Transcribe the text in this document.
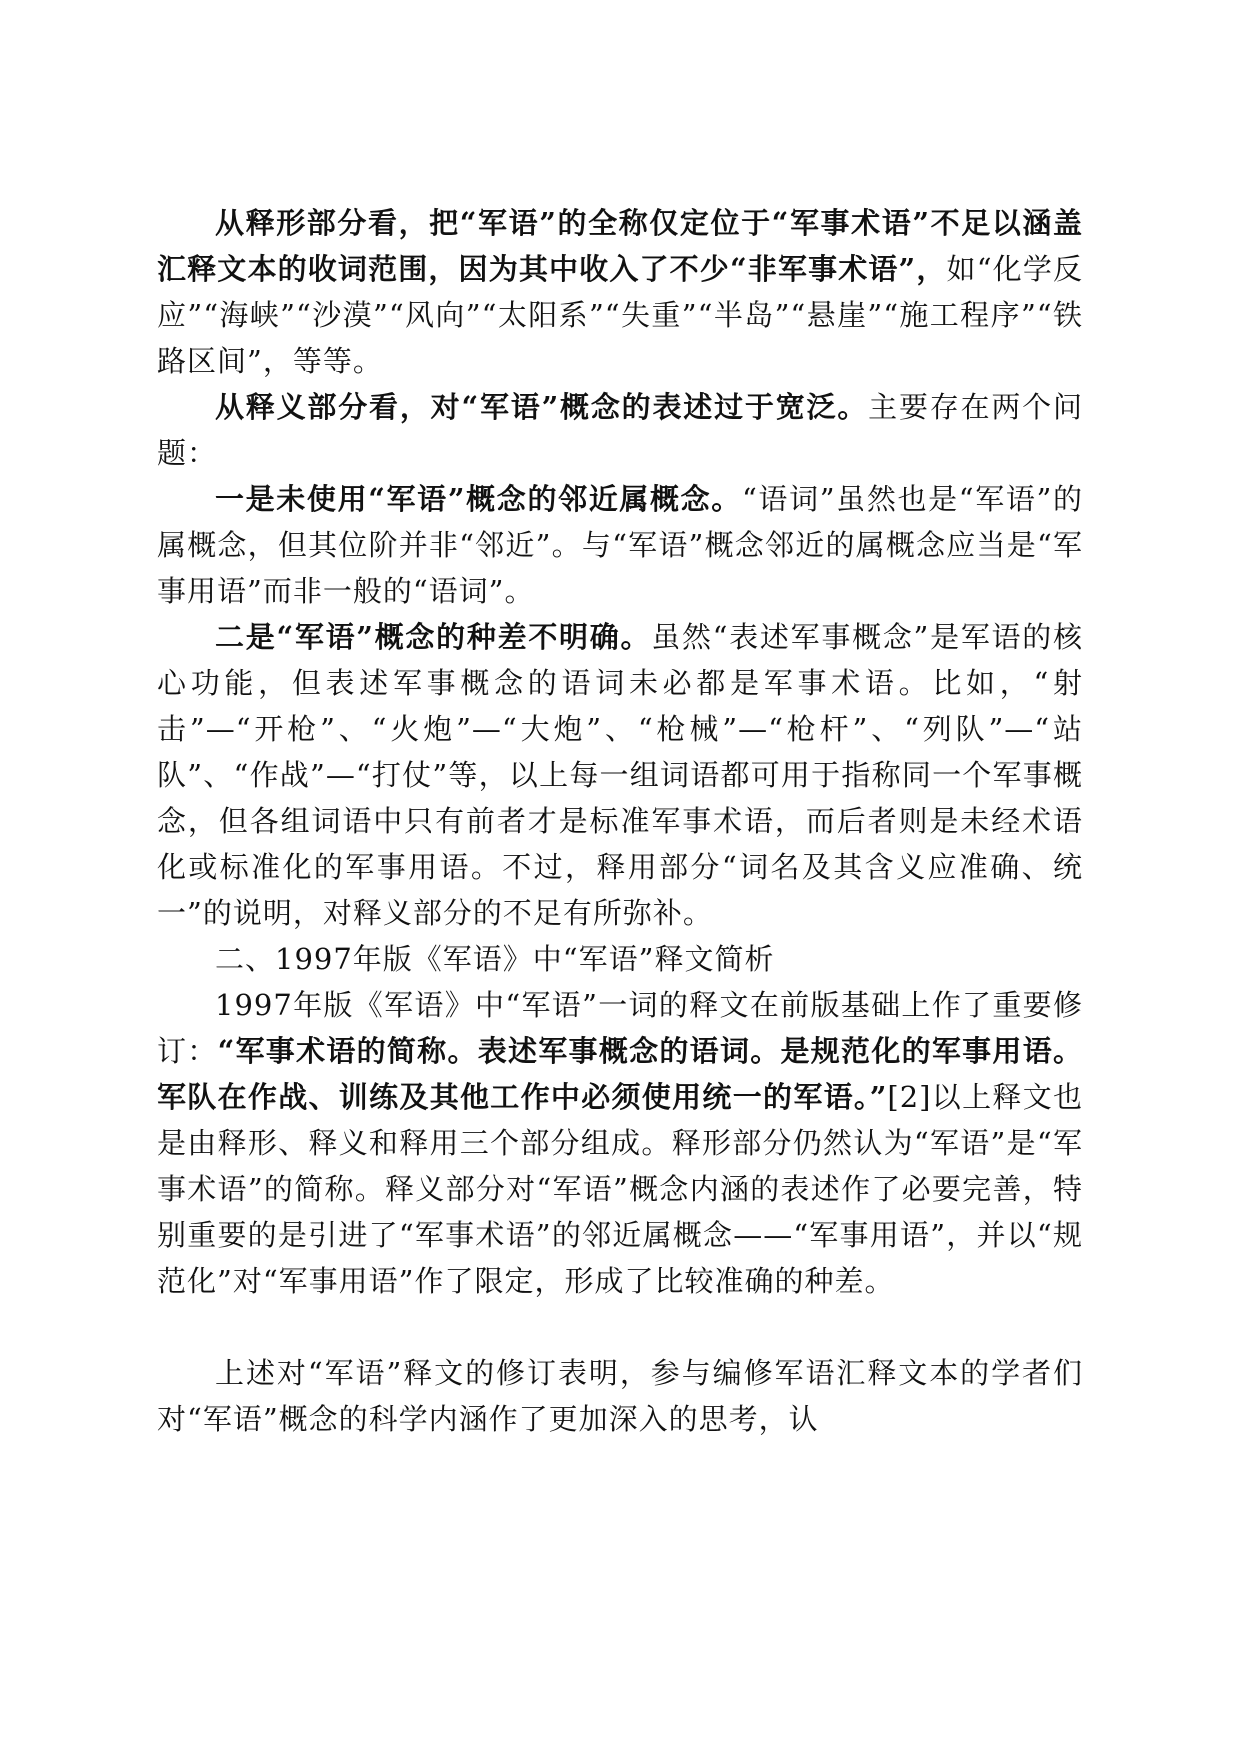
从释形部分看，把“军语”的全称仅定位于“军事术语”不足以涵盖汇释文本的收词范围，因为其中收入了不少“非军事术语”，如“化学反应”“海峡”“沙漠”“风向”“太阳系”“失重”“半岛”“悬崖”“施工程序”“铁路区间”，等等。

从释义部分看，对“军语”概念的表述过于宽泛。主要存在两个问题：

一是未使用“军语”概念的邻近属概念。“语词”虽然也是“军语”的属概念，但其位阶并非“邻近”。与“军语”概念邻近的属概念应当是“军事用语”而非一般的“语词”。

二是“军语”概念的种差不明确。虽然“表述军事概念”是军语的核心功能，但表述军事概念的语词未必都是军事术语。比如，“射击”—“开枪”、“火炮”—“大炮”、“枪械”—“枪杆”、“列队”—“站队”、“作战”—“打仗”等，以上每一组词语都可用于指称同一个军事概念，但各组词语中只有前者才是标准军事术语，而后者则是未经术语化或标准化的军事用语。不过，释用部分“词名及其含义应准确、统一”的说明，对释义部分的不足有所弥补。

二、1997年版《军语》中“军语”释文简析

1997年版《军语》中“军语”一词的释文在前版基础上作了重要修订：“军事术语的简称。表述军事概念的语词。是规范化的军事用语。军队在作战、训练及其他工作中必须使用统一的军语。”[2]以上释文也是由释形、释义和释用三个部分组成。释形部分仍然认为“军语”是“军事术语”的简称。释义部分对“军语”概念内涵的表述作了必要完善，特别重要的是引进了“军事术语”的邻近属概念——“军事用语”，并以“规范化”对“军事用语”作了限定，形成了比较准确的种差。

上述对“军语”释文的修订表明，参与编修军语汇释文本的学者们对“军语”概念的科学内涵作了更加深入的思考，认
